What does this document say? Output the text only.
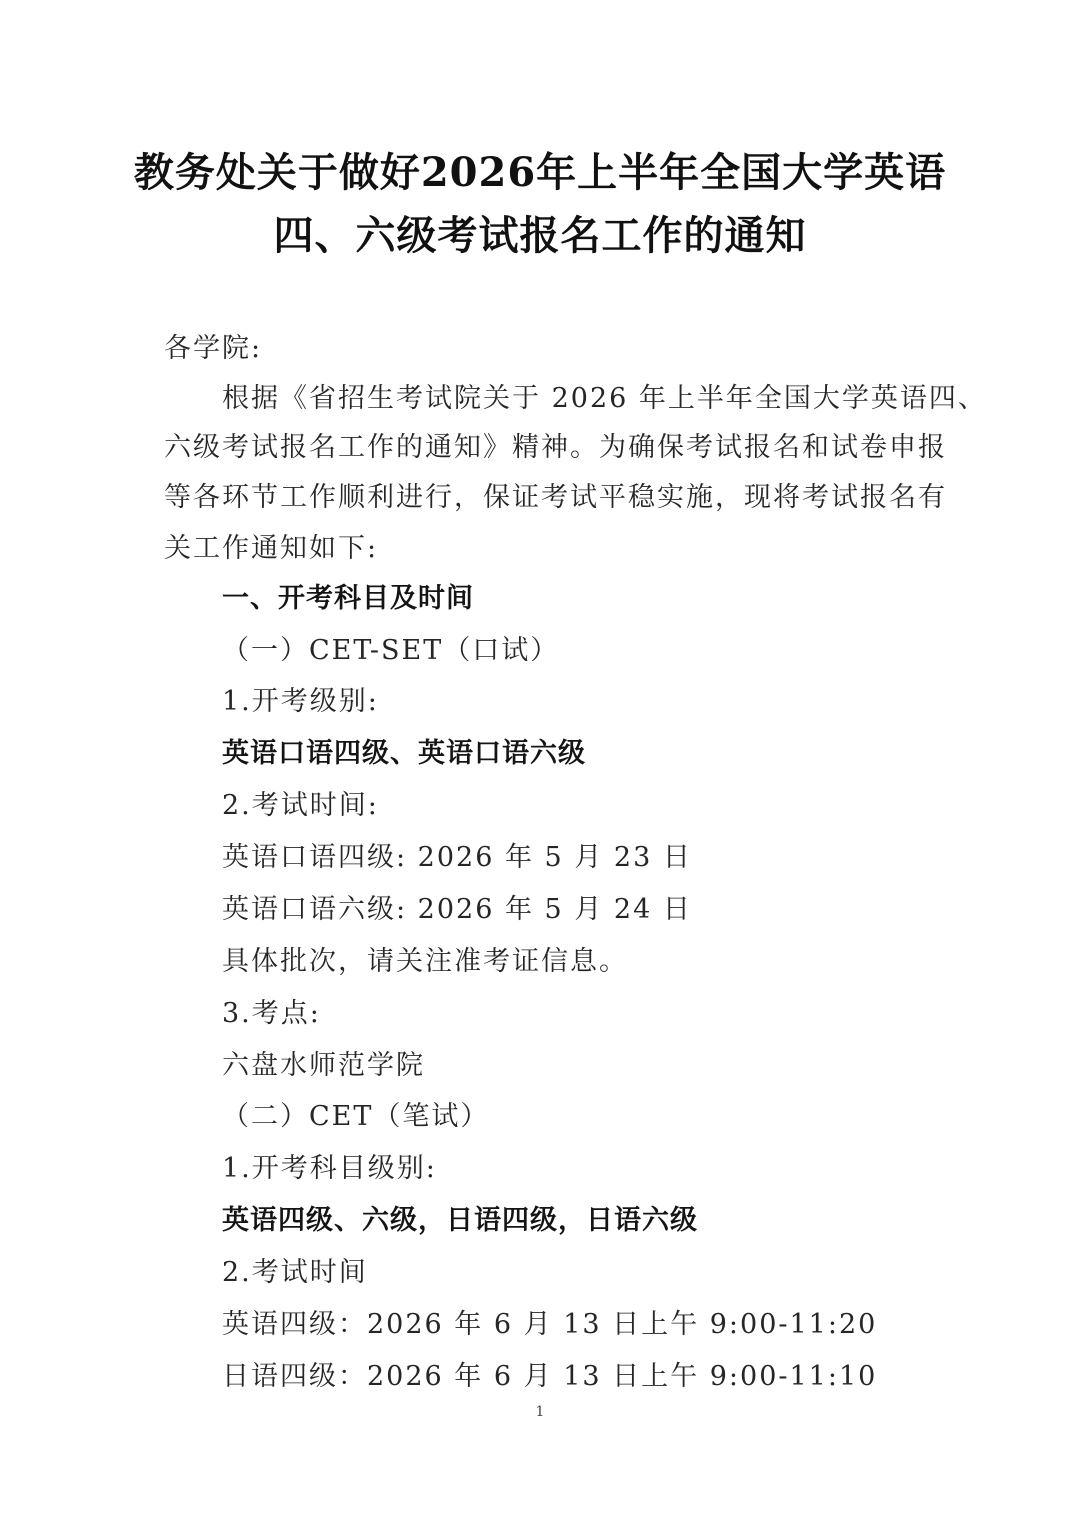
教务处关于做好2026年上半年全国大学英语
四、六级考试报名工作的通知
各学院:
根据《省招生考试院关于 2026 年上半年全国大学英语四、
六级考试报名工作的通知》精神。为确保考试报名和试卷申报
等各环节工作顺利进行，保证考试平稳实施，现将考试报名有
关工作通知如下:
一、开考科目及时间
（一）CET-SET（口试）
1.开考级别:
英语口语四级、英语口语六级
2.考试时间:
英语口语四级: 2026 年 5 月 23 日
英语口语六级: 2026 年 5 月 24 日
具体批次，请关注准考证信息。
3.考点:
六盘水师范学院
（二）CET（笔试）
1.开考科目级别:
英语四级、六级，日语四级，日语六级
2.考试时间
英语四级：2026 年 6 月 13 日上午 9:00-11:20
日语四级：2026 年 6 月 13 日上午 9:00-11:10
1
